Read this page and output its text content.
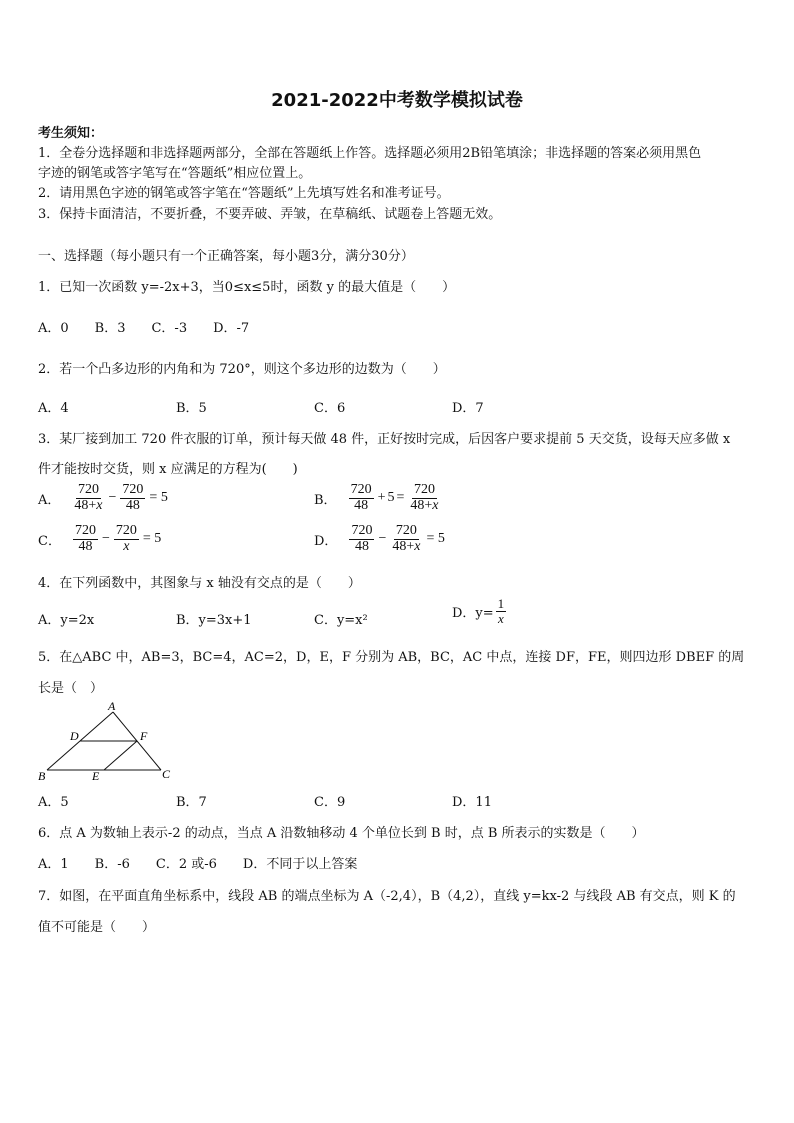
2021-2022中考数学模拟试卷
考生须知：
1．全卷分选择题和非选择题两部分，全部在答题纸上作答。选择题必须用2B铅笔填涂；非选择题的答案必须用黑色
字迹的钢笔或答字笔写在“答题纸”相应位置上。
2．请用黑色字迹的钢笔或答字笔在“答题纸”上先填写姓名和准考证号。
3．保持卡面清洁，不要折叠，不要弄破、弄皱，在草稿纸、试题卷上答题无效。
一、选择题（每小题只有一个正确答案，每小题3分，满分30分）
1．已知一次函数 y=-2x+3，当0≤x≤5时，函数 y 的最大值是（　　）
A．0　　B．3　　C．-3　　D．-7
2．若一个凸多边形的内角和为 720°，则这个多边形的边数为（　　）
A．4	B．5	C．6	D．7
3．某厂接到加工 720 件衣服的订单，预计每天做 48 件，正好按时完成，后因客户要求提前 5 天交货，设每天应多做 x
件才能按时交货，则 x 应满足的方程为(　　)
A． $\frac{720}{48+x} - \frac{720}{48} = 5$	B． $\frac{720}{48} + 5 = \frac{720}{48+x}$
C． $\frac{720}{48} - \frac{720}{x} = 5$	D． $\frac{720}{48} - \frac{720}{48+x} = 5$
4．在下列函数中，其图象与 x 轴没有交点的是（　　）
A．y=2x	B．y=3x+1	C．y=x²	D．$y= \frac{1}{x}$
5．在△ABC 中，AB=3，BC=4，AC=2，D，E，F 分别为 AB，BC，AC 中点，连接 DF，FE，则四边形 DBEF 的周
长是（　）
A
B	C
D
E
F
A．5	B．7	C．9	D．11
6．点 A 为数轴上表示-2 的动点，当点 A 沿数轴移动 4 个单位长到 B 时，点 B 所表示的实数是（　　）
A．1　　B．-6　　C．2 或-6　　D．不同于以上答案
7．如图，在平面直角坐标系中，线段 AB 的端点坐标为 A（-2,4），B（4,2），直线 y=kx-2 与线段 AB 有交点，则 K 的
值不可能是（　　）
